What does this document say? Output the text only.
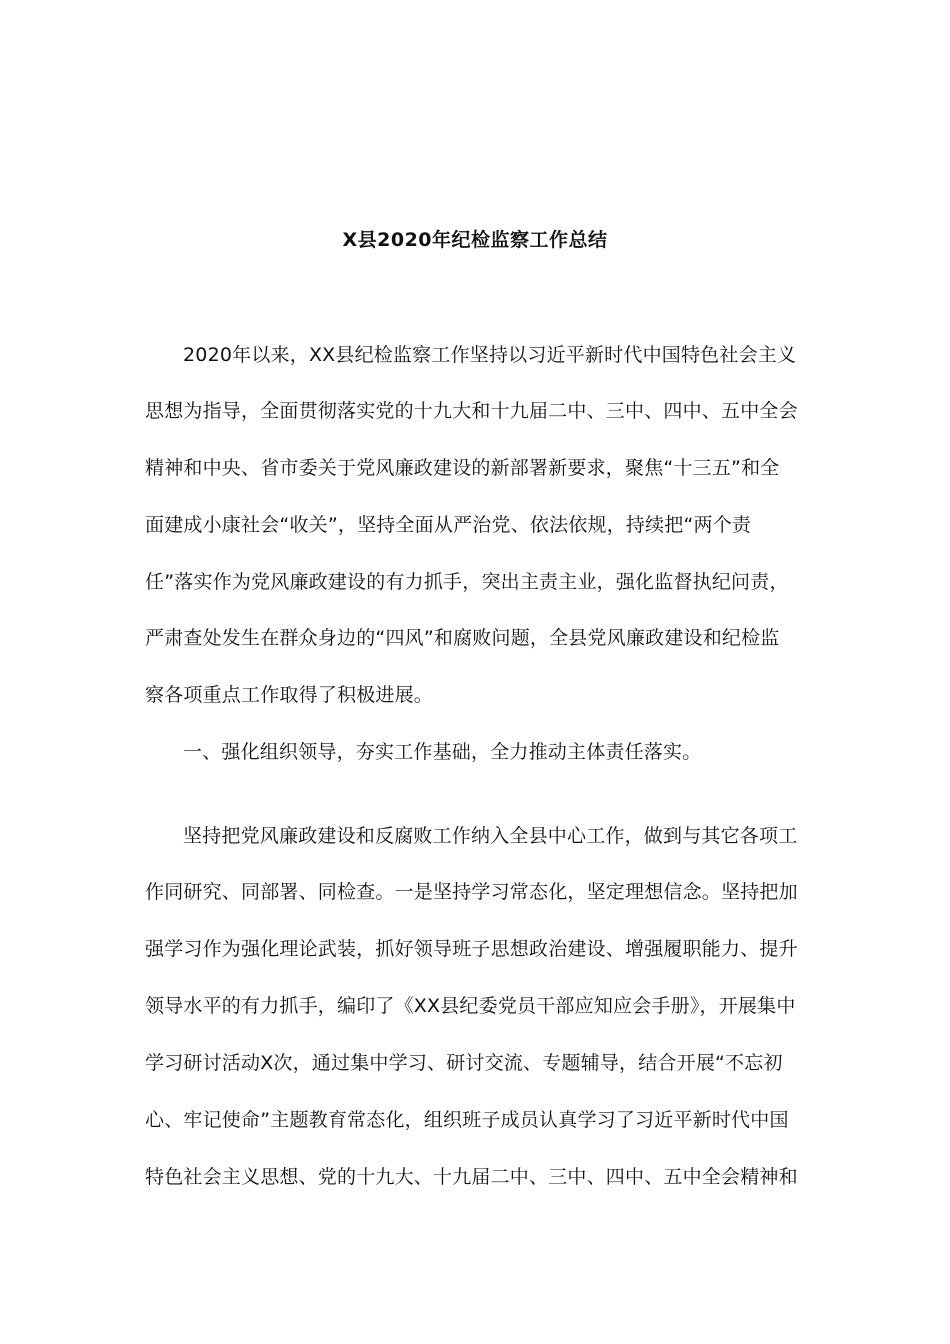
X县2020年纪检监察工作总结
2020年以来，XX县纪检监察工作坚持以习近平新时代中国特色社会主义
思想为指导，全面贯彻落实党的十九大和十九届二中、三中、四中、五中全会
精神和中央、省市委关于党风廉政建设的新部署新要求，聚焦“十三五”和全
面建成小康社会“收关”，坚持全面从严治党、依法依规，持续把“两个责
任”落实作为党风廉政建设的有力抓手，突出主责主业，强化监督执纪问责，
严肃查处发生在群众身边的“四风”和腐败问题，全县党风廉政建设和纪检监
察各项重点工作取得了积极进展。
一、强化组织领导，夯实工作基础，全力推动主体责任落实。
坚持把党风廉政建设和反腐败工作纳入全县中心工作，做到与其它各项工
作同研究、同部署、同检查。一是坚持学习常态化，坚定理想信念。坚持把加
强学习作为强化理论武装，抓好领导班子思想政治建设、增强履职能力、提升
领导水平的有力抓手，编印了《XX县纪委党员干部应知应会手册》，开展集中
学习研讨活动X次，通过集中学习、研讨交流、专题辅导，结合开展“不忘初
心、牢记使命”主题教育常态化，组织班子成员认真学习了习近平新时代中国
特色社会主义思想、党的十九大、十九届二中、三中、四中、五中全会精神和
